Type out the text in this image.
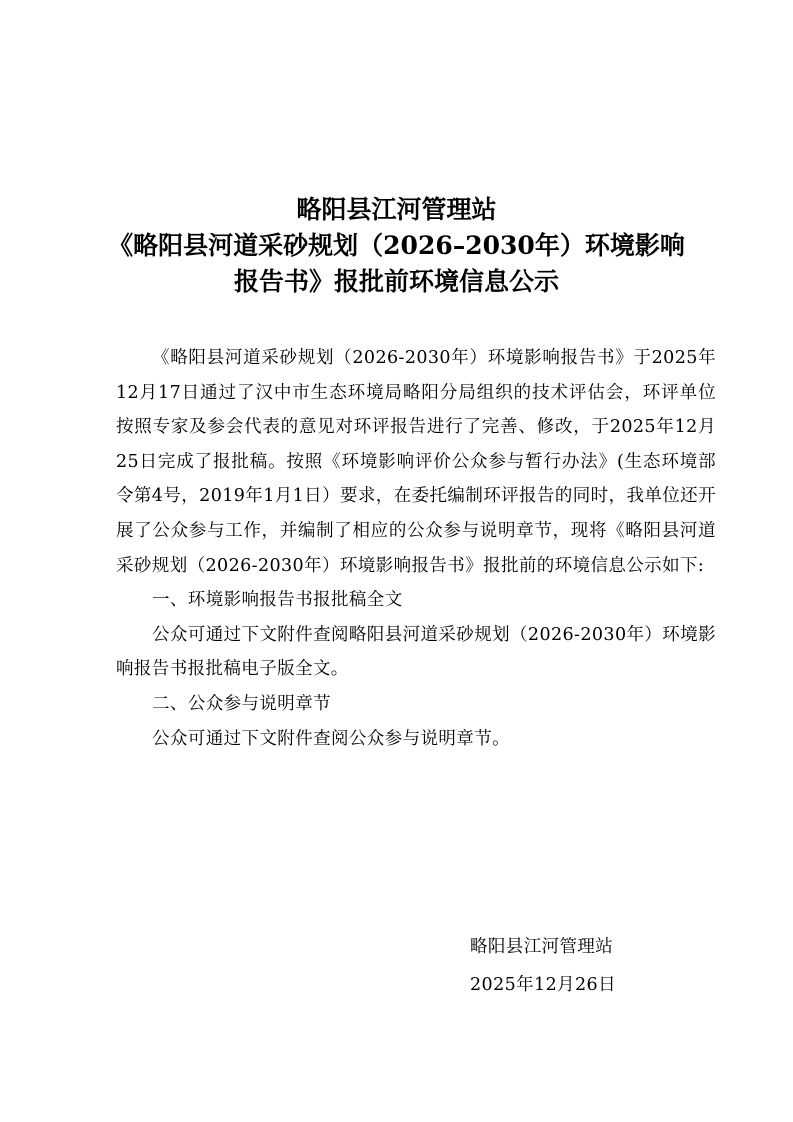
略阳县江河管理站
《略阳县河道采砂规划（2026–2030年）环境影响
报告书》报批前环境信息公示

《略阳县河道采砂规划（2026-2030年）环境影响报告书》于2025年12月17日通过了汉中市生态环境局略阳分局组织的技术评估会，环评单位按照专家及参会代表的意见对环评报告进行了完善、修改，于2025年12月25日完成了报批稿。按照《环境影响评价公众参与暂行办法》(生态环境部令第4号，2019年1月1日）要求，在委托编制环评报告的同时，我单位还开展了公众参与工作，并编制了相应的公众参与说明章节，现将《略阳县河道采砂规划（2026-2030年）环境影响报告书》报批前的环境信息公示如下:

一、环境影响报告书报批稿全文

公众可通过下文附件查阅略阳县河道采砂规划（2026-2030年）环境影响报告书报批稿电子版全文。

二、公众参与说明章节

公众可通过下文附件查阅公众参与说明章节。

略阳县江河管理站
2025年12月26日
